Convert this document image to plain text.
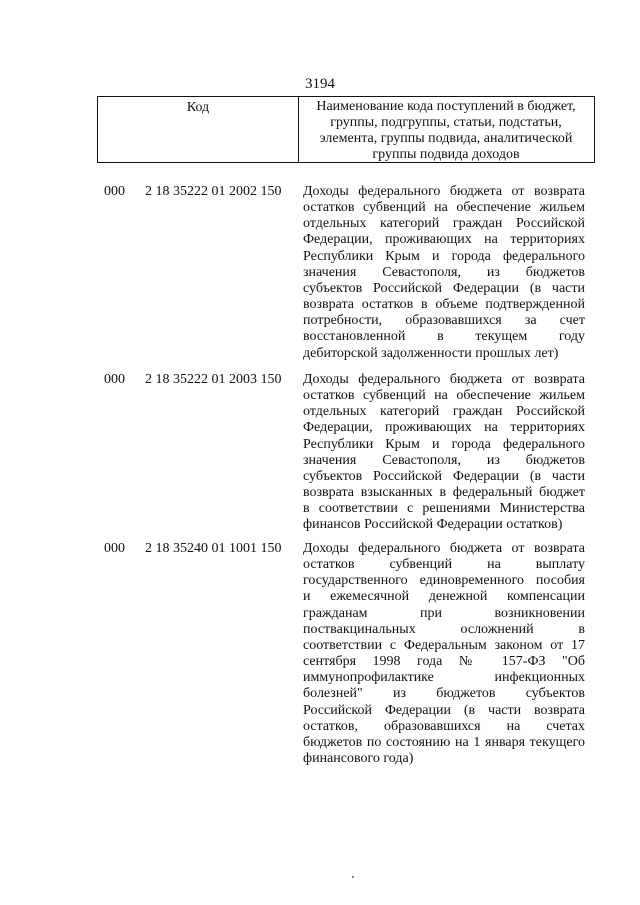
3194
Код	Наименование кода поступлений в бюджет,
группы, подгруппы, статьи, подстатьи,
элемента, группы подвида, аналитической
группы подвида доходов
000 2 18 35222 01 2002 150 Доходы федерального бюджета от возврата
остатков субвенций на обеспечение жильем
отдельных категорий граждан Российской
Федерации, проживающих на территориях
Республики Крым и города федерального
значения Севастополя, из бюджетов
субъектов Российской Федерации (в части
возврата остатков в объеме подтвержденной
потребности, образовавшихся за счет
восстановленной в текущем году
дебиторской задолженности прошлых лет)
000 2 18 35222 01 2003 150 Доходы федерального бюджета от возврата
остатков субвенций на обеспечение жильем
отдельных категорий граждан Российской
Федерации, проживающих на территориях
Республики Крым и города федерального
значения Севастополя, из бюджетов
субъектов Российской Федерации (в части
возврата взысканных в федеральный бюджет
в соответствии с решениями Министерства
финансов Российской Федерации остатков)
000 2 18 35240 01 1001 150 Доходы федерального бюджета от возврата
остатков субвенций на выплату
государственного единовременного пособия
и ежемесячной денежной компенсации
гражданам при возникновении
поствакцинальных осложнений в
соответствии с Федеральным законом от 17
сентября 1998 года № 157-ФЗ "Об
иммунопрофилактике инфекционных
болезней" из бюджетов субъектов
Российской Федерации (в части возврата
остатков, образовавшихся на счетах
бюджетов по состоянию на 1 января текущего
финансового года)
